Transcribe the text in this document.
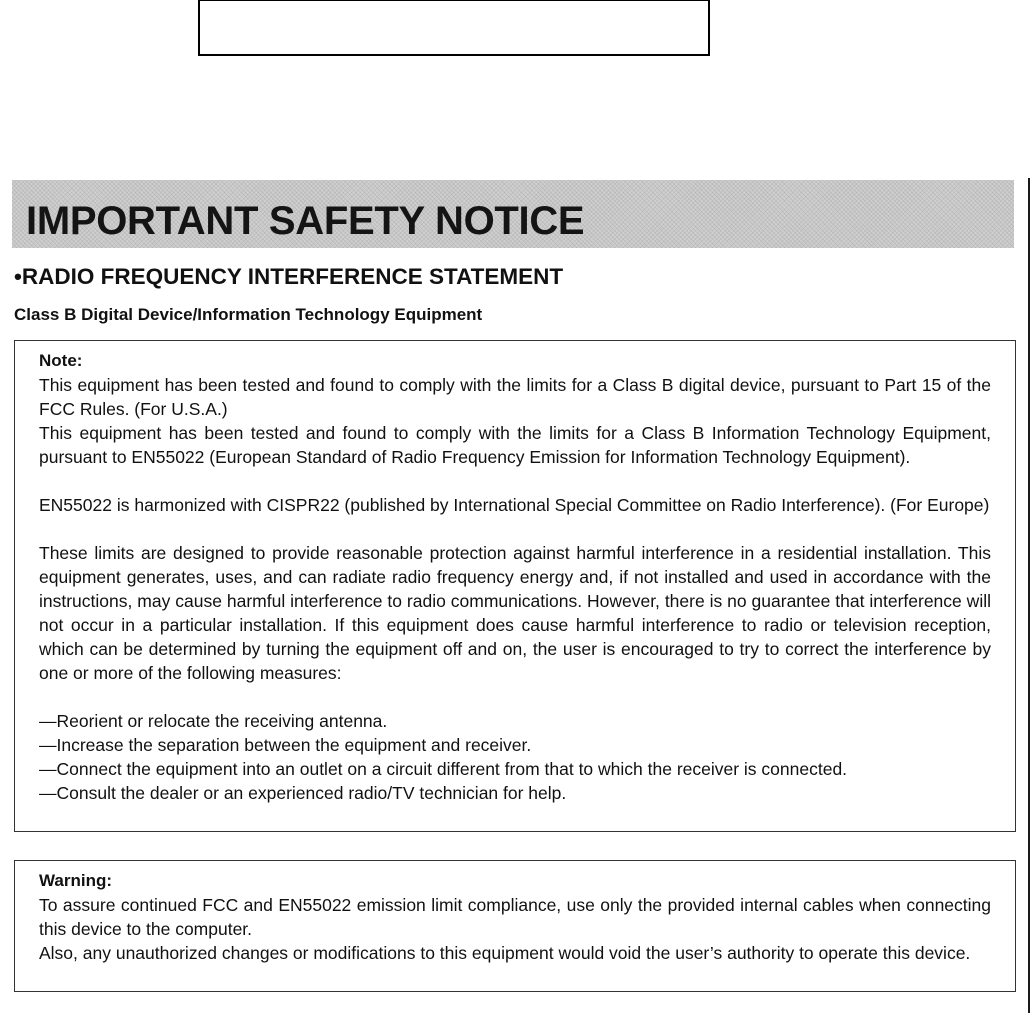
IMPORTANT SAFETY NOTICE
•RADIO FREQUENCY INTERFERENCE STATEMENT
Class B Digital Device/Information Technology Equipment
Note:

This equipment has been tested and found to comply with the limits for a Class B digital device, pursuant to Part 15 of the FCC Rules. (For U.S.A.)

This equipment has been tested and found to comply with the limits for a Class B Information Technology Equipment, pursuant to EN55022 (European Standard of Radio Frequency Emission for Information Technology Equipment).

EN55022 is harmonized with CISPR22 (published by International Special Committee on Radio Interference). (For Europe)

These limits are designed to provide reasonable protection against harmful interference in a residential installation. This equipment generates, uses, and can radiate radio frequency energy and, if not installed and used in accordance with the instructions, may cause harmful interference to radio communications. However, there is no guarantee that interference will not occur in a particular installation. If this equipment does cause harmful interference to radio or television reception, which can be determined by turning the equipment off and on, the user is encouraged to try to correct the interference by one or more of the following measures:

—Reorient or relocate the receiving antenna.

—Increase the separation between the equipment and receiver.

—Connect the equipment into an outlet on a circuit different from that to which the receiver is connected.

—Consult the dealer or an experienced radio/TV technician for help.

Warning:

To assure continued FCC and EN55022 emission limit compliance, use only the provided internal cables when connecting this device to the computer.

Also, any unauthorized changes or modifications to this equipment would void the user’s authority to operate this device.
